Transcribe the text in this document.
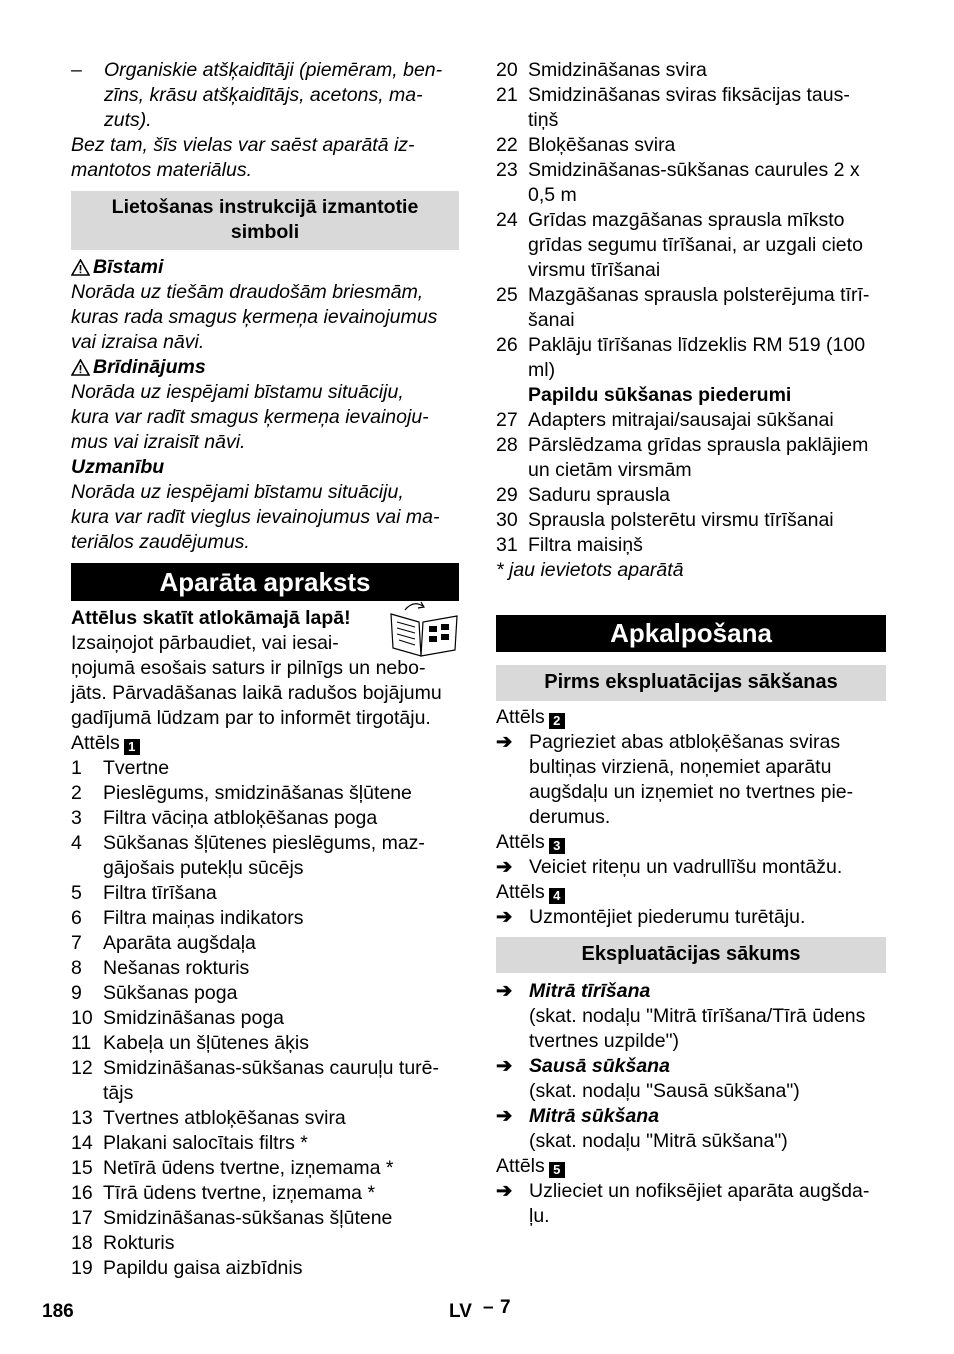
–	Organiskie atšķaidītāji (piemēram, ben-
zīns, krāsu atšķaidītājs, acetons, ma-
zuts).
Bez tam, šīs vielas var saēst aparātā iz-
mantotos materiālus.
Lietošanas instrukcijā izmantotie
simboli
Bīstami
Norāda uz tiešām draudošām briesmām,
kuras rada smagus ķermeņa ievainojumus
vai izraisa nāvi.
Brīdinājums
Norāda uz iespējami bīstamu situāciju,
kura var radīt smagus ķermeņa ievainoju-
mus vai izraisīt nāvi.
Uzmanību
Norāda uz iespējami bīstamu situāciju,
kura var radīt vieglus ievainojumus vai ma-
teriālos zaudējumus.
Aparāta apraksts
Attēlus skatīt atlokāmajā lapā!
Izsaiņojot pārbaudiet, vai iesai-
ņojumā esošais saturs ir pilnīgs un nebo-
jāts. Pārvadāšanas laikā radušos bojājumu
gadījumā lūdzam par to informēt tirgotāju.
Attēls 1
1	Tvertne
2	Pieslēgums, smidzināšanas šļūtene
3	Filtra vāciņa atbloķēšanas poga
4	Sūkšanas šļūtenes pieslēgums, maz-
gājošais putekļu sūcējs
5	Filtra tīrīšana
6	Filtra maiņas indikators
7	Aparāta augšdaļa
8	Nešanas rokturis
9	Sūkšanas poga
10 Smidzināšanas poga
11 Kabeļa un šļūtenes āķis
12 Smidzināšanas-sūkšanas cauruļu turē-
tājs
13 Tvertnes atbloķēšanas svira
14 Plakani salocītais filtrs *
15 Netīrā ūdens tvertne, izņemama *
16 Tīrā ūdens tvertne, izņemama *
17 Smidzināšanas-sūkšanas šļūtene
18 Rokturis
19 Papildu gaisa aizbīdnis
20 Smidzināšanas svira
21 Smidzināšanas sviras fiksācijas taus-
tiņš
22 Bloķēšanas svira
23 Smidzināšanas-sūkšanas caurules 2 x
0,5 m
24 Grīdas mazgāšanas sprausla mīksto
grīdas segumu tīrīšanai, ar uzgali cieto
virsmu tīrīšanai
25 Mazgāšanas sprausla polsterējuma tīrī-
šanai
26 Paklāju tīrīšanas līdzeklis RM 519 (100
ml)
Papildu sūkšanas piederumi
27 Adapters mitrajai/sausajai sūkšanai
28 Pārslēdzama grīdas sprausla paklājiem
un cietām virsmām
29 Saduru sprausla
30 Sprausla polsterētu virsmu tīrīšanai
31 Filtra maisiņš
* jau ievietots aparātā
Apkalpošana
Pirms ekspluatācijas sākšanas
Attēls 2
➔ Pagrieziet abas atbloķēšanas sviras
bultiņas virzienā, noņemiet aparātu
augšdaļu un izņemiet no tvertnes pie-
derumus.
Attēls 3
➔ Veiciet riteņu un vadrullīšu montāžu.
Attēls 4
➔ Uzmontējiet piederumu turētāju.
Ekspluatācijas sākums
➔ Mitrā tīrīšana
(skat. nodaļu "Mitrā tīrīšana/Tīrā ūdens
tvertnes uzpilde")
➔ Sausā sūkšana
(skat. nodaļu "Sausā sūkšana")
➔ Mitrā sūkšana
(skat. nodaļu "Mitrā sūkšana")
Attēls 5
➔ Uzlieciet un nofiksējiet aparāta augšda-
ļu.
186	LV – 7
